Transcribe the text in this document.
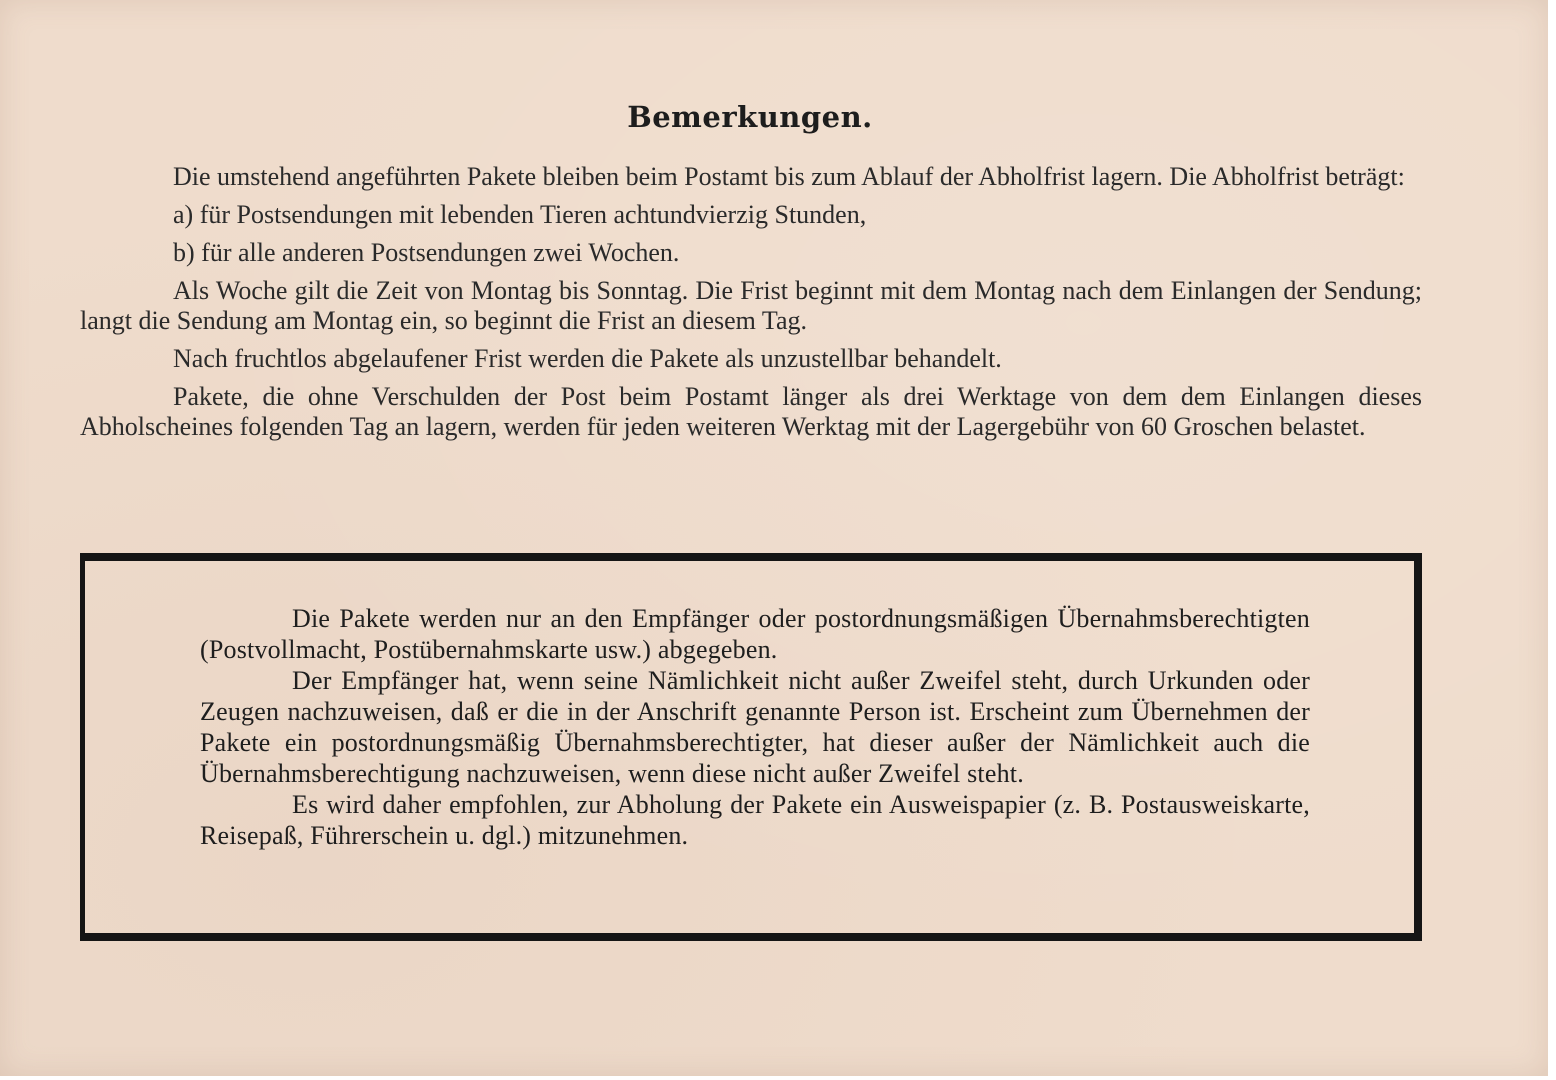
Bemerkungen.

Die umstehend angeführten Pakete bleiben beim Postamt bis zum Ablauf der Abholfrist lagern. Die Abholfrist beträgt:

a) für Postsendungen mit lebenden Tieren achtundvierzig Stunden,

b) für alle anderen Postsendungen zwei Wochen.

Als Woche gilt die Zeit von Montag bis Sonntag. Die Frist beginnt mit dem Montag nach dem Einlangen der Sendung; langt die Sendung am Montag ein, so beginnt die Frist an diesem Tag.

Nach fruchtlos abgelaufener Frist werden die Pakete als unzustellbar behandelt.

Pakete, die ohne Verschulden der Post beim Postamt länger als drei Werktage von dem dem Einlangen dieses Abholscheines folgenden Tag an lagern, werden für jeden weiteren Werktag mit der Lagergebühr von 60 Groschen belastet.

Die Pakete werden nur an den Empfänger oder postordnungsmäßigen Übernahmsberechtigten (Postvollmacht, Postübernahmskarte usw.) abgegeben.

Der Empfänger hat, wenn seine Nämlichkeit nicht außer Zweifel steht, durch Urkunden oder Zeugen nachzuweisen, daß er die in der Anschrift genannte Person ist. Erscheint zum Übernehmen der Pakete ein postordnungsmäßig Übernahmsberechtigter, hat dieser außer der Nämlichkeit auch die Übernahmsberechtigung nachzuweisen, wenn diese nicht außer Zweifel steht.

Es wird daher empfohlen, zur Abholung der Pakete ein Ausweispapier (z. B. Postausweiskarte, Reisepaß, Führerschein u. dgl.) mitzunehmen.
